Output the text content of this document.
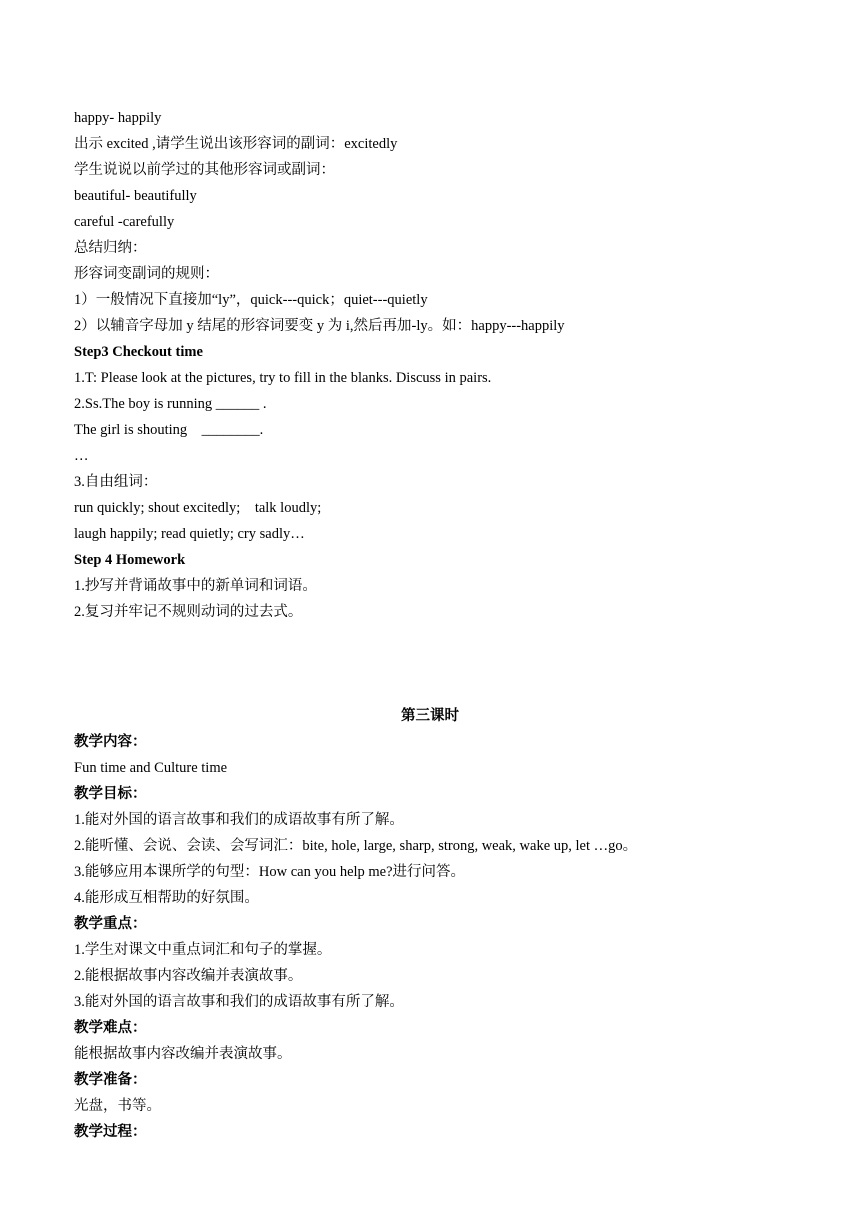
happy- happily
出示 excited ,请学生说出该形容词的副词：excitedly
学生说说以前学过的其他形容词或副词：
beautiful- beautifully
careful -carefully
总结归纳：
形容词变副词的规则：
1）一般情况下直接加“ly”，quick---quick；quiet---quietly
2）以辅音字母加 y 结尾的形容词要变 y 为 i,然后再加-ly。如：happy---happily
Step3 Checkout time
1.T: Please look at the pictures, try to fill in the blanks. Discuss in pairs.
2.Ss.The boy is running ______ .
The girl is shouting    ________.
…
3.自由组词：
run quickly; shout excitedly;    talk loudly;
laugh happily; read quietly; cry sadly…
Step 4 Homework
1.抄写并背诵故事中的新单词和词语。
2.复习并牢记不规则动词的过去式。
第三课时
教学内容：
Fun time and Culture time
教学目标：
1.能对外国的语言故事和我们的成语故事有所了解。
2.能听懂、会说、会读、会写词汇：bite, hole, large, sharp, strong, weak, wake up, let …go。
3.能够应用本课所学的句型：How can you help me?进行问答。
4.能形成互相帮助的好氛围。
教学重点：
1.学生对课文中重点词汇和句子的掌握。
2.能根据故事内容改编并表演故事。
3.能对外国的语言故事和我们的成语故事有所了解。
教学难点：
能根据故事内容改编并表演故事。
教学准备：
光盘，书等。
教学过程：
